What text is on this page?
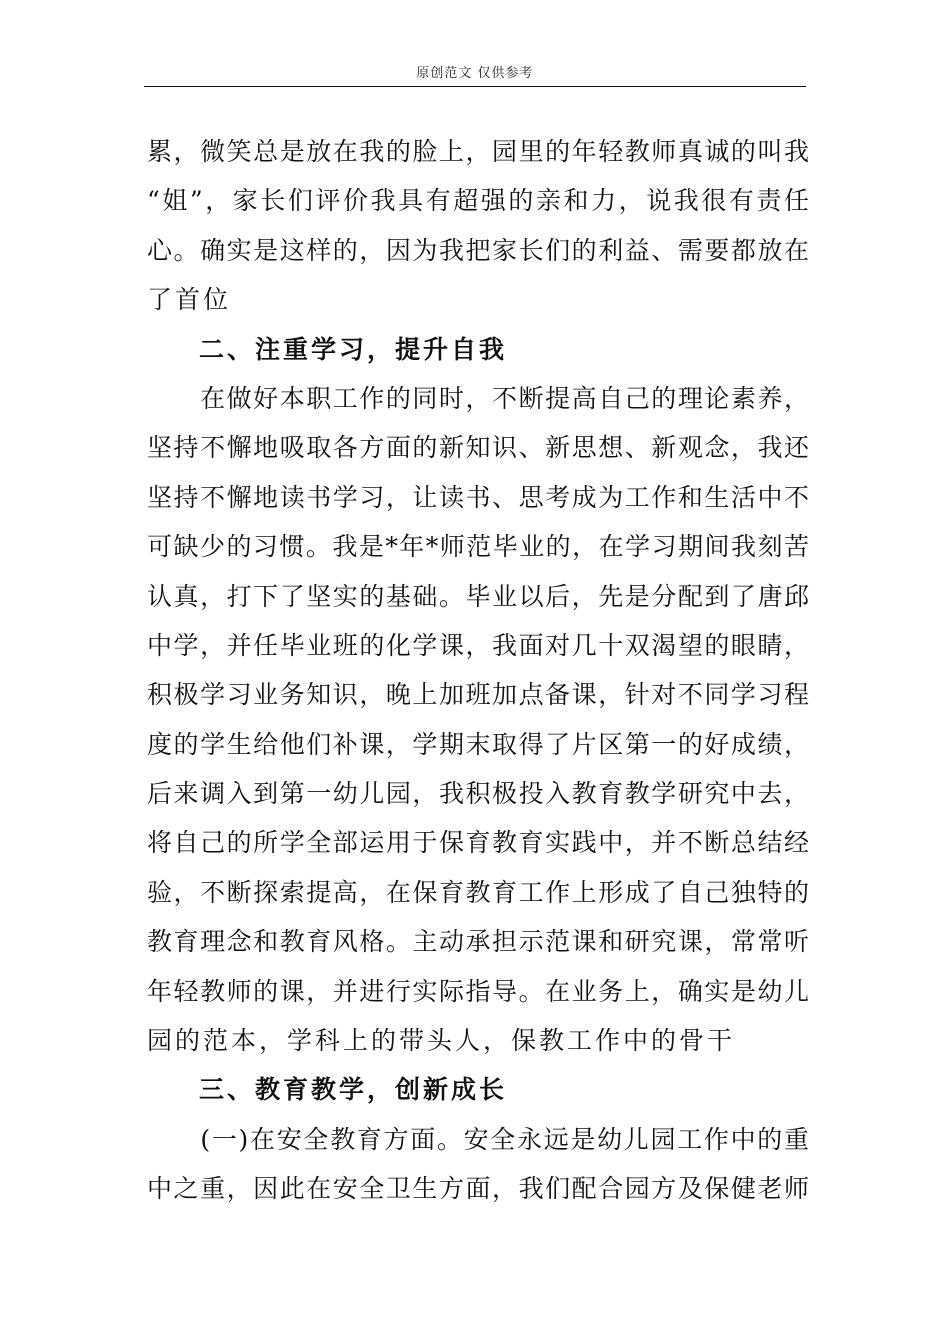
原创范文 仅供参考
累，微笑总是放在我的脸上，园里的年轻教师真诚的叫我
“姐”，家长们评价我具有超强的亲和力，说我很有责任
心。确实是这样的，因为我把家长们的利益、需要都放在
了首位
二、注重学习，提升自我
　　在做好本职工作的同时，不断提高自己的理论素养，
坚持不懈地吸取各方面的新知识、新思想、新观念，我还
坚持不懈地读书学习，让读书、思考成为工作和生活中不
可缺少的习惯。我是*年*师范毕业的，在学习期间我刻苦
认真，打下了坚实的基础。毕业以后，先是分配到了唐邱
中学，并任毕业班的化学课，我面对几十双渴望的眼睛，
积极学习业务知识，晚上加班加点备课，针对不同学习程
度的学生给他们补课，学期末取得了片区第一的好成绩，
后来调入到第一幼儿园，我积极投入教育教学研究中去，
将自己的所学全部运用于保育教育实践中，并不断总结经
验，不断探索提高，在保育教育工作上形成了自己独特的
教育理念和教育风格。主动承担示范课和研究课，常常听
年轻教师的课，并进行实际指导。在业务上，确实是幼儿
园的范本，学科上的带头人，保教工作中的骨干
三、教育教学，创新成长
　　(一)在安全教育方面。安全永远是幼儿园工作中的重
中之重，因此在安全卫生方面，我们配合园方及保健老师
